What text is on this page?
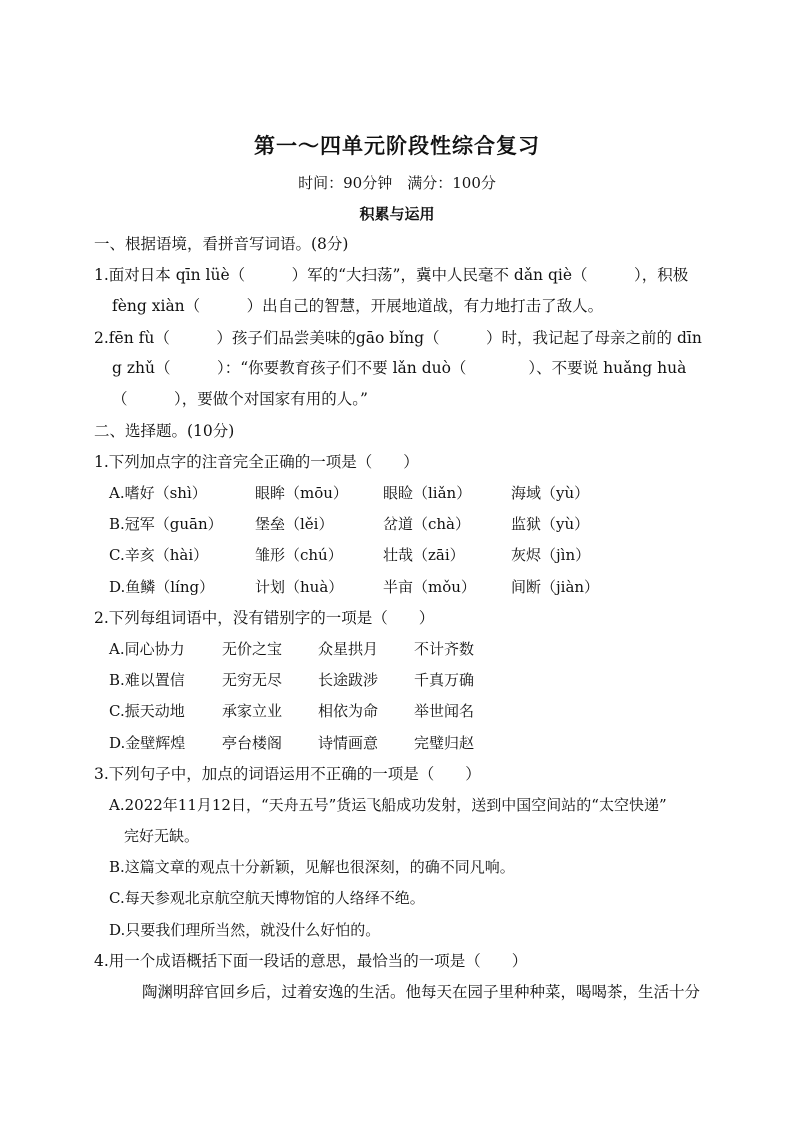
第一～四单元阶段性综合复习
时间：90分钟　满分：100分
积累与运用
一、根据语境，看拼音写词语。(8分)
1.面对日本 qīn lüè（　　　）军的“大扫荡”，冀中人民毫不 dǎn qiè（　　　），积极
fèng xiàn（　　　）出自己的智慧，开展地道战，有力地打击了敌人。
2.fēn fù（　　　）孩子们品尝美味的gāo bǐng（　　　）时，我记起了母亲之前的 dīn
g zhǔ（　　　）：“你要教育孩子们不要 lǎn duò（　　　　）、不要说 huǎng huà
（　　　），要做个对国家有用的人。”
二、选择题。(10分)
1.下列加点字的注音完全正确的一项是（　　）
A.嗜好（shì）	眼眸（mōu） 眼睑（liǎn）	海域（yù）
B.冠军（guān） 堡垒（lěi）	岔道（chà）	监狱（yù）
C.辛亥（hài）	雏形（chú）	壮哉（zāi）	灰烬（jìn）
D.鱼鳞（líng）	计划（huà）	半亩（mǒu） 间断（jiàn）
2.下列每组词语中，没有错别字的一项是（　　）
A.同心协力 无价之宝 众星拱月 不计齐数
B.难以置信 无穷无尽 长途跋涉 千真万确
C.振天动地 承家立业 相依为命 举世闻名
D.金壁辉煌 亭台楼阁 诗情画意 完璧归赵
3.下列句子中，加点的词语运用不正确的一项是（　　）
A.2022年11月12日，“天舟五号”货运飞船成功发射，送到中国空间站的“太空快递”
完好无缺。
B.这篇文章的观点十分新颖，见解也很深刻，的确不同凡响。
C.每天参观北京航空航天博物馆的人络绎不绝。
D.只要我们理所当然，就没什么好怕的。
4.用一个成语概括下面一段话的意思，最恰当的一项是（　　）
陶渊明辞官回乡后，过着安逸的生活。他每天在园子里种种菜，喝喝茶，生活十分
